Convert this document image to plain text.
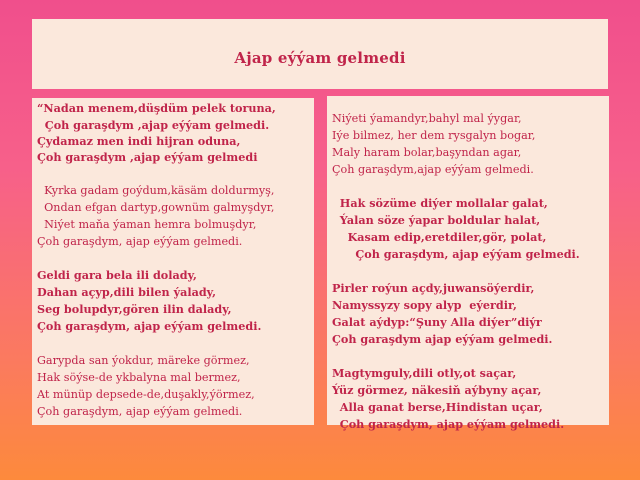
Ajap eýýam gelmedi
“Nadan menem,düşdüm pelek toruna,
Çoh garaşdym ,ajap eýýam gelmedi.
Çydamaz men indi hijran oduna,
Çoh garaşdym ,ajap eýýam gelmedi
Kyrka gadam goýdum,käsäm doldurmyş,
Ondan efgan dartyp,gownüm galmyşdyr,
Niýet maňa ýaman hemra bolmuşdyr,
Çoh garaşdym, ajap eýýam gelmedi.
Geldi gara bela ili dolady,
Dahan açyp,dili bilen ýalady,
Seg bolupdyr,gören ilin dalady,
Çoh garaşdym, ajap eýýam gelmedi.
Garypda san ýokdur, märeke görmez,
Hak söýse-de ykbalyna mal bermez,
At münüp depsede-de,duşakly,ýörmez,
Çoh garaşdym, ajap eýýam gelmedi.
Niýeti ýamandyr,bahyl mal ýygar,
Iýe bilmez, her dem rysgalyn bogar,
Maly haram bolar,başyndan agar,
Çoh garaşdym,ajap eýýam gelmedi.
Hak sözüme diýer mollalar galat,
Ýalan söze ýapar boldular halat,
Kasam edip,eretdiler,gör, polat,
Çoh garaşdym, ajap eýýam gelmedi.
Pirler roýun açdy,juwansöýerdir,
Namyssyzy sopy alyp  eýerdir,
Galat aýdyp:“Şuny Alla diýer”diýr
Çoh garaşdym ajap eýýam gelmedi.
Magtymguly,dili otly,ot saçar,
Ýüz görmez, näkesiň aýbyny açar,
Alla ganat berse,Hindistan uçar,
Çoh garaşdym, ajap eýýam gelmedi.
